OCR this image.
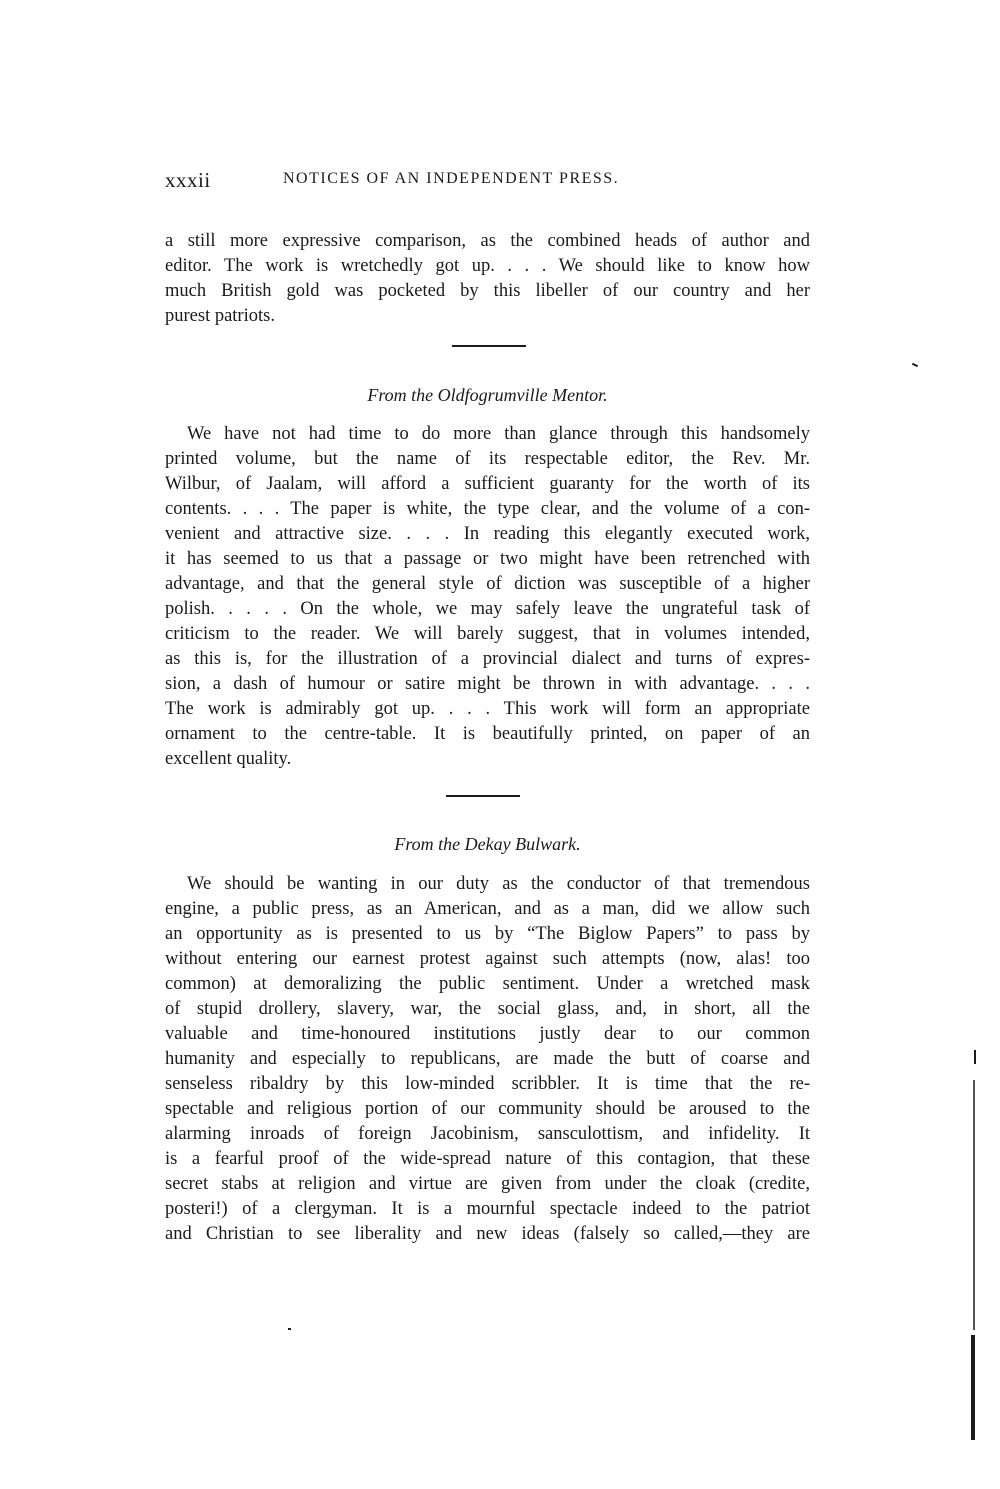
xxxii	NOTICES OF AN INDEPENDENT PRESS.
a still more expressive comparison, as the combined heads of author and
editor. The work is wretchedly got up. . . . We should like to know how
much British gold was pocketed by this libeller of our country and her
purest patriots.
From the Oldfogrumville Mentor.
We have not had time to do more than glance through this handsomely
printed volume, but the name of its respectable editor, the Rev. Mr.
Wilbur, of Jaalam, will afford a sufficient guaranty for the worth of its
contents. . . . The paper is white, the type clear, and the volume of a con-
venient and attractive size. . . . In reading this elegantly executed work,
it has seemed to us that a passage or two might have been retrenched with
advantage, and that the general style of diction was susceptible of a higher
polish. . . . . On the whole, we may safely leave the ungrateful task of
criticism to the reader. We will barely suggest, that in volumes intended,
as this is, for the illustration of a provincial dialect and turns of expres-
sion, a dash of humour or satire might be thrown in with advantage. . . .
The work is admirably got up. . . . This work will form an appropriate
ornament to the centre-table. It is beautifully printed, on paper of an
excellent quality.
From the Dekay Bulwark.
We should be wanting in our duty as the conductor of that tremendous
engine, a public press, as an American, and as a man, did we allow such
an opportunity as is presented to us by “The Biglow Papers” to pass by
without entering our earnest protest against such attempts (now, alas! too
common) at demoralizing the public sentiment. Under a wretched mask
of stupid drollery, slavery, war, the social glass, and, in short, all the
valuable and time-honoured institutions justly dear to our common
humanity and especially to republicans, are made the butt of coarse and
senseless ribaldry by this low-minded scribbler. It is time that the re-
spectable and religious portion of our community should be aroused to the
alarming inroads of foreign Jacobinism, sansculottism, and infidelity. It
is a fearful proof of the wide-spread nature of this contagion, that these
secret stabs at religion and virtue are given from under the cloak (credite,
posteri!) of a clergyman. It is a mournful spectacle indeed to the patriot
and Christian to see liberality and new ideas (falsely so called,—they are
